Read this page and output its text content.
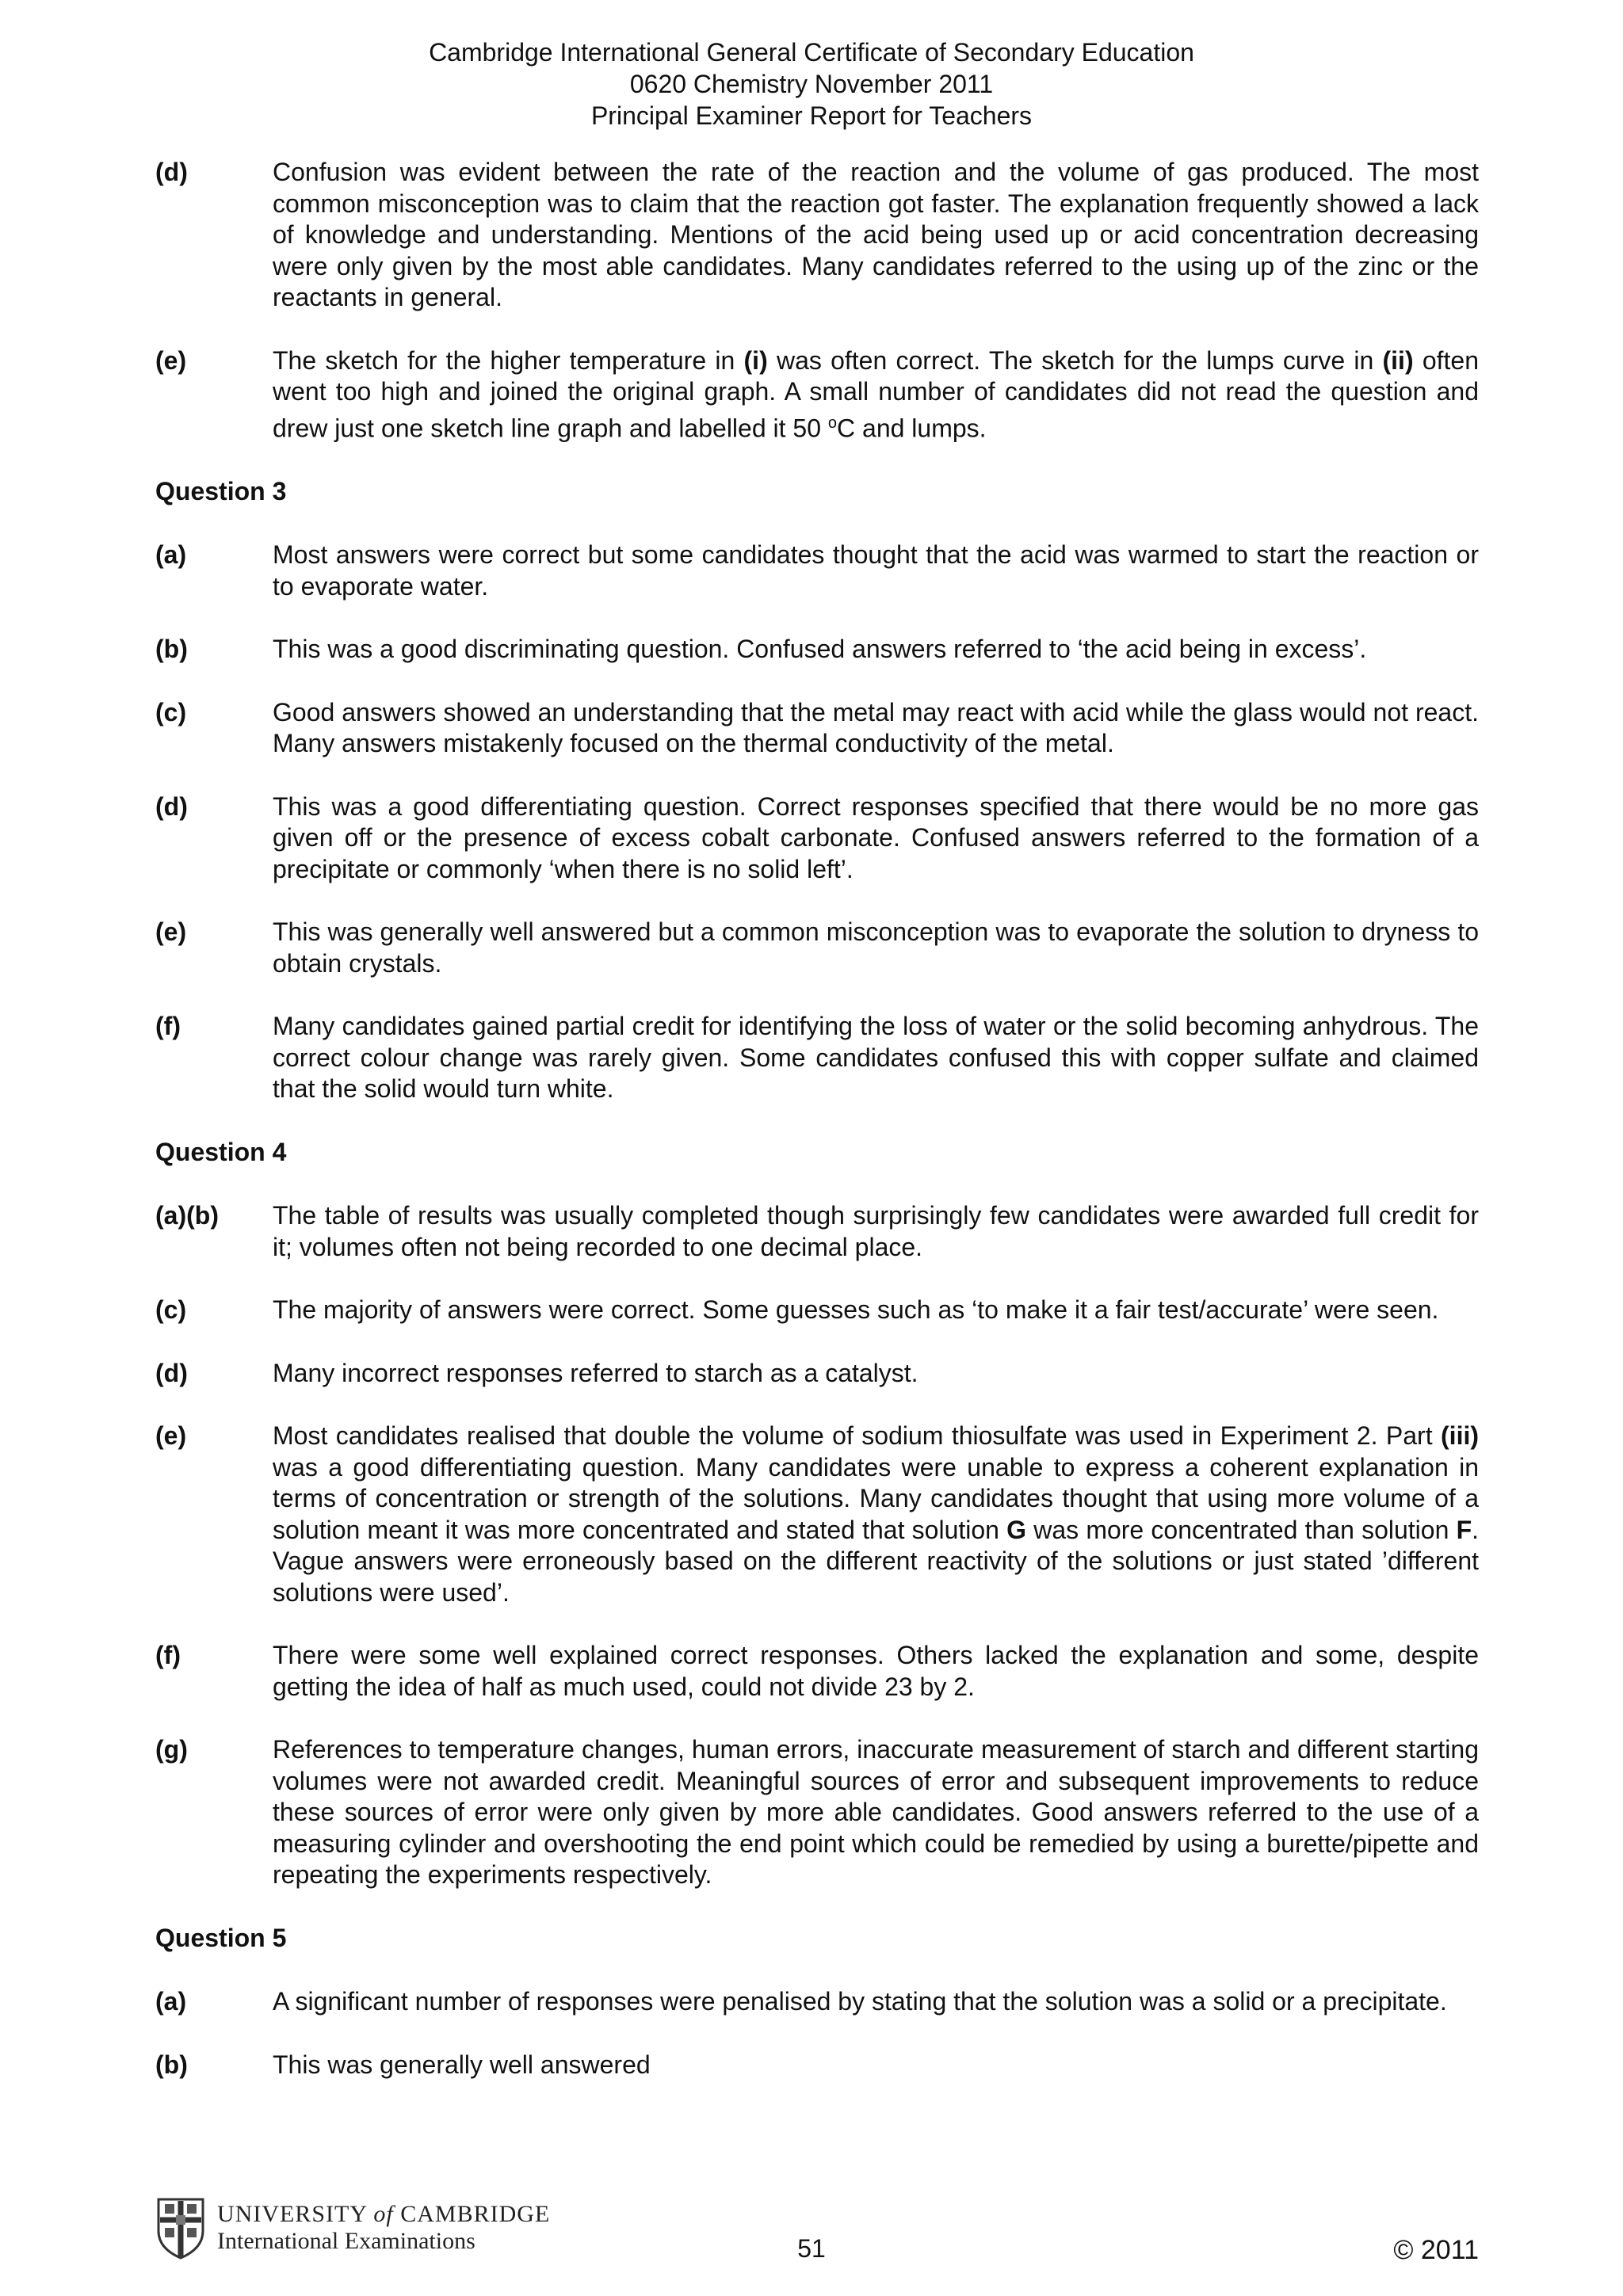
Cambridge International General Certificate of Secondary Education
0620 Chemistry November 2011
Principal Examiner Report for Teachers
(d)	Confusion was evident between the rate of the reaction and the volume of gas produced. The most common misconception was to claim that the reaction got faster. The explanation frequently showed a lack of knowledge and understanding. Mentions of the acid being used up or acid concentration decreasing were only given by the most able candidates. Many candidates referred to the using up of the zinc or the reactants in general.
(e)	The sketch for the higher temperature in (i) was often correct. The sketch for the lumps curve in (ii) often went too high and joined the original graph. A small number of candidates did not read the question and drew just one sketch line graph and labelled it 50 $^o$C and lumps.
Question 3
(a)	Most answers were correct but some candidates thought that the acid was warmed to start the reaction or to evaporate water.
(b)	This was a good discriminating question. Confused answers referred to ‘the acid being in excess’.
(c)	Good answers showed an understanding that the metal may react with acid while the glass would not react. Many answers mistakenly focused on the thermal conductivity of the metal.
(d)	This was a good differentiating question. Correct responses specified that there would be no more gas given off or the presence of excess cobalt carbonate. Confused answers referred to the formation of a precipitate or commonly ‘when there is no solid left’.
(e)	This was generally well answered but a common misconception was to evaporate the solution to dryness to obtain crystals.
(f)	Many candidates gained partial credit for identifying the loss of water or the solid becoming anhydrous. The correct colour change was rarely given. Some candidates confused this with copper sulfate and claimed that the solid would turn white.
Question 4
(a)(b)	The table of results was usually completed though surprisingly few candidates were awarded full credit for it; volumes often not being recorded to one decimal place.
(c)	The majority of answers were correct. Some guesses such as ‘to make it a fair test/accurate’ were seen.
(d)	Many incorrect responses referred to starch as a catalyst.
(e)	Most candidates realised that double the volume of sodium thiosulfate was used in Experiment 2. Part (iii) was a good differentiating question. Many candidates were unable to express a coherent explanation in terms of concentration or strength of the solutions. Many candidates thought that using more volume of a solution meant it was more concentrated and stated that solution G was more concentrated than solution F. Vague answers were erroneously based on the different reactivity of the solutions or just stated ’different solutions were used’.
(f)	There were some well explained correct responses. Others lacked the explanation and some, despite getting the idea of half as much used, could not divide 23 by 2.
(g)	References to temperature changes, human errors, inaccurate measurement of starch and different starting volumes were not awarded credit. Meaningful sources of error and subsequent improvements to reduce these sources of error were only given by more able candidates. Good answers referred to the use of a measuring cylinder and overshooting the end point which could be remedied by using a burette/pipette and repeating the experiments respectively.
Question 5
(a)	A significant number of responses were penalised by stating that the solution was a solid or a precipitate.
(b)	This was generally well answered
UNIVERSITY of CAMBRIDGE
International Examinations	51	© 2011
